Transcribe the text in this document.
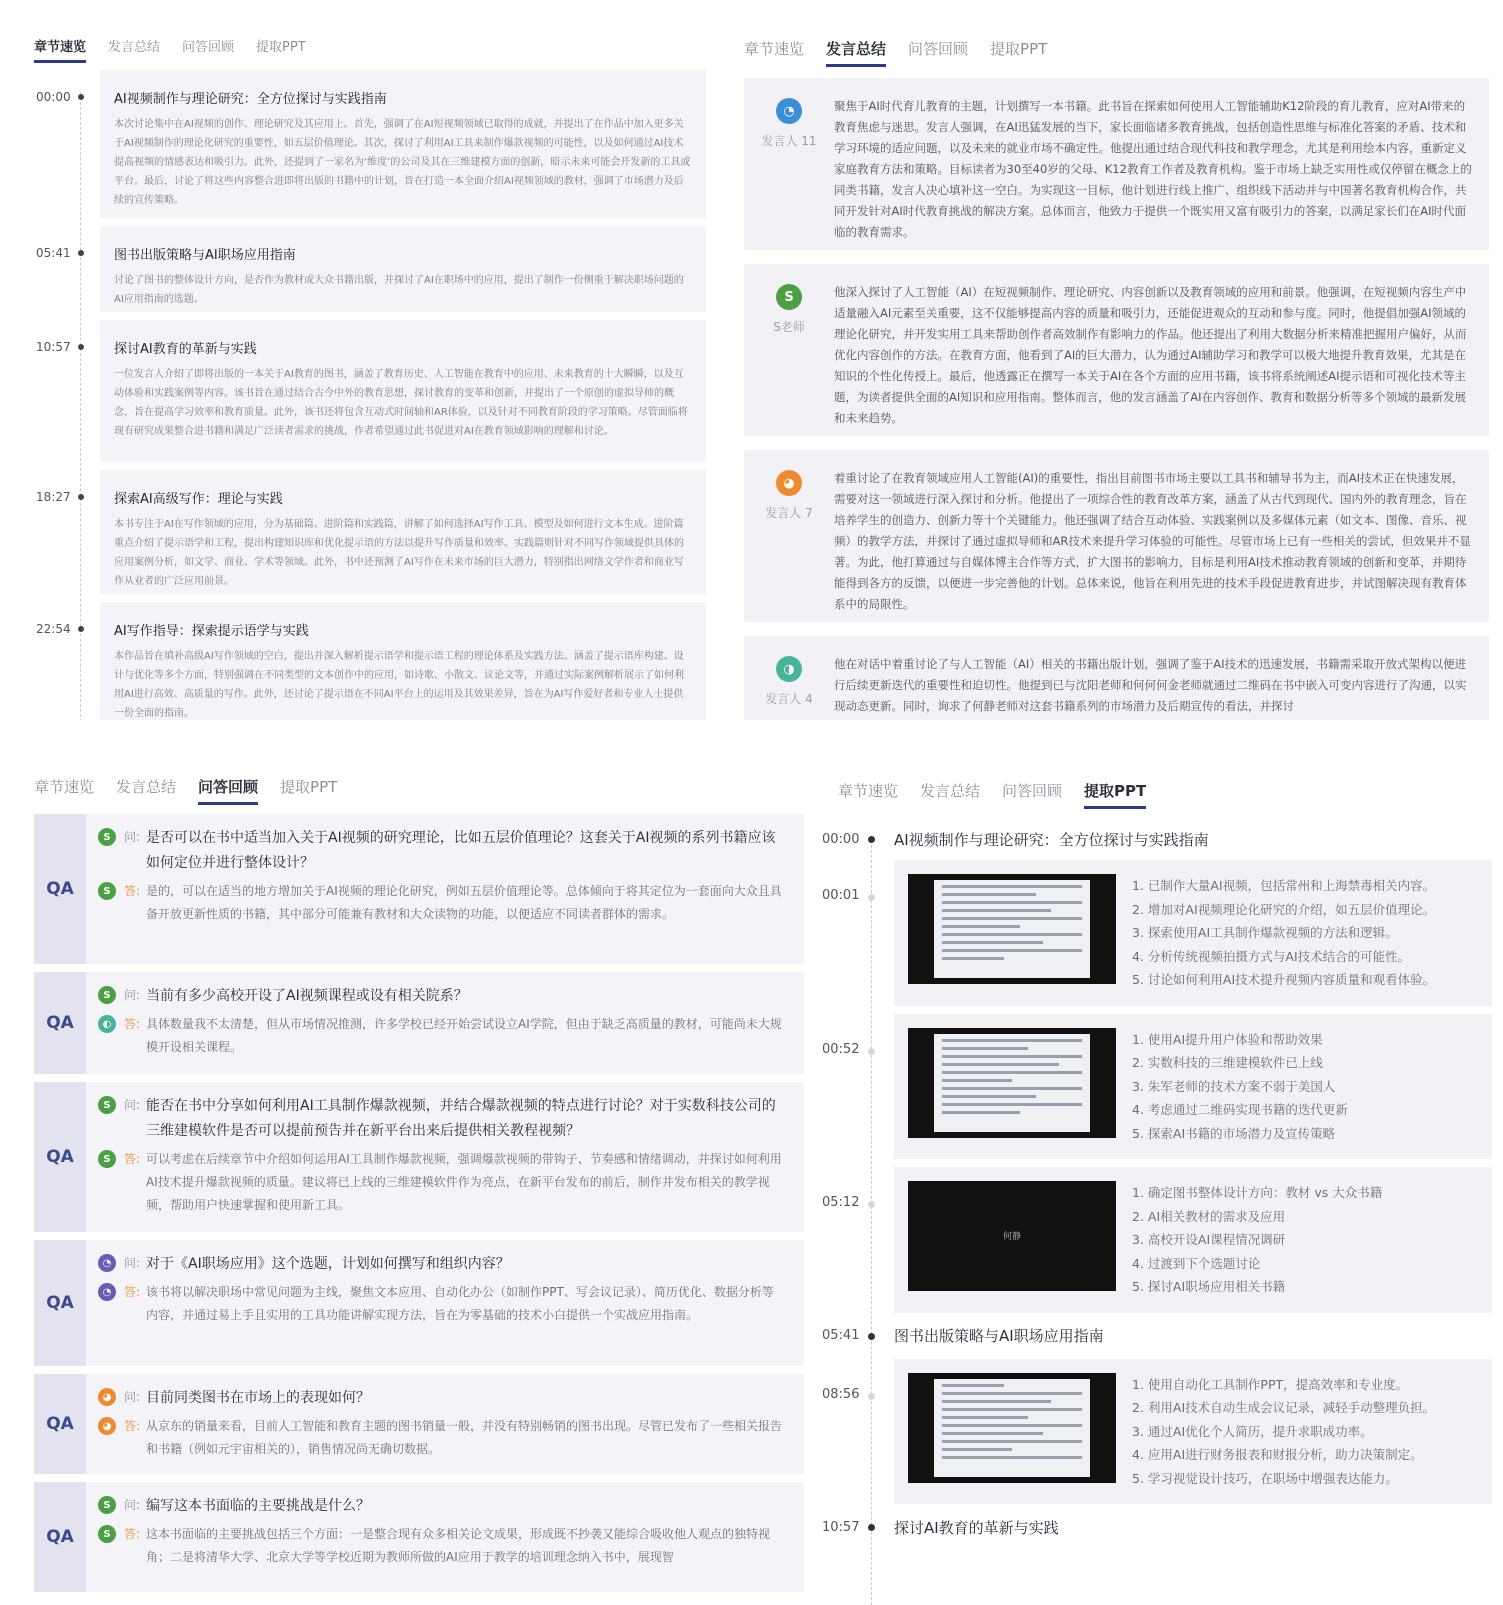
章节速览 发言总结 问答回顾 提取PPT
00:00	AI视频制作与理论研究：全方位探讨与实践指南
本次讨论集中在AI视频的创作、理论研究及其应用上。首先，强调了在AI短视频领域已取得的成就，并提出了在作品中加入更多关于AI视频制作的理论化研究的重要性，如五层价值理论。其次，探讨了利用AI工具来制作爆款视频的可能性，以及如何通过AI技术提高视频的情感表达和吸引力。此外，还提到了一家名为‘维度’的公司及其在三维建模方面的创新，暗示未来可能会开发新的工具或平台。最后，讨论了将这些内容整合进即将出版的书籍中的计划，旨在打造一本全面介绍AI视频领域的教材，强调了市场潜力及后续的宣传策略。
05:41	图书出版策略与AI职场应用指南
讨论了图书的整体设计方向，是否作为教材或大众书籍出版，并探讨了AI在职场中的应用，提出了制作一份侧重于解决职场问题的AI应用指南的选题。
10:57	探讨AI教育的革新与实践
一位发言人介绍了即将出版的一本关于AI教育的图书，涵盖了教育历史、人工智能在教育中的应用、未来教育的十大瞬瞬，以及互动体验和实践案例等内容。该书旨在通过结合古今中外的教育思想，探讨教育的变革和创新，并提出了一个原创的虚拟导师的概念，旨在提高学习效率和教育质量。此外，该书还将包含互动式时间轴和AR体验，以及针对不同教育阶段的学习策略。尽管面临将现有研究成果整合进书籍和满足广泛读者需求的挑战，作者希望通过此书促进对AI在教育领域影响的理解和讨论。
18:27	探索AI高级写作：理论与实践
本书专注于AI在写作领域的应用，分为基础篇、进阶篇和实践篇，讲解了如何选择AI写作工具、模型及如何进行文本生成。进阶篇重点介绍了提示语学和工程，提出构建知识库和优化提示语的方法以提升写作质量和效率。实践篇则针对不同写作领域提供具体的应用案例分析，如文学、商业、学术等领域。此外，书中还预测了AI写作在未来市场的巨大潜力，特别指出网络文学作者和商业写作从业者的广泛应用前景。
22:54	AI写作指导：探索提示语学与实践
本作品旨在填补高级AI写作领域的空白，提出并深入解析提示语学和提示语工程的理论体系及实践方法。涵盖了提示语库构建、设计与优化等多个方面，特别强调在不同类型的文本创作中的应用，如诗歌、小散文、议论文等，并通过实际案例解析展示了如何利用AI进行高效、高质量的写作。此外，还讨论了提示语在不同AI平台上的运用及其效果差异，旨在为AI写作爱好者和专业人士提供一份全面的指南。
章节速览 发言总结 问答回顾 提取PPT
◔
发言人 11
聚焦于AI时代育儿教育的主题，计划撰写一本书籍。此书旨在探索如何使用人工智能辅助K12阶段的育儿教育，应对AI带来的教育焦虑与迷思。发言人强调，在AI迅猛发展的当下，家长面临诸多教育挑战，包括创造性思维与标准化答案的矛盾、技术和学习环境的适应问题，以及未来的就业市场不确定性。他提出通过结合现代科技和教学理念，尤其是利用绘本内容，重新定义家庭教育方法和策略。目标读者为30至40岁的父母、K12教育工作者及教育机构。鉴于市场上缺乏实用性或仅停留在概念上的同类书籍，发言人决心填补这一空白。为实现这一目标，他计划进行线上推广、组织线下活动并与中国著名教育机构合作，共同开发针对AI时代教育挑战的解决方案。总体而言，他致力于提供一个既实用又富有吸引力的答案，以满足家长们在AI时代面临的教育需求。
S
S老师
他深入探讨了人工智能（AI）在短视频制作、理论研究、内容创新以及教育领域的应用和前景。他强调，在短视频内容生产中适量融入AI元素至关重要，这不仅能够提高内容的质量和吸引力，还能促进观众的互动和参与度。同时，他提倡加强AI领域的理论化研究，并开发实用工具来帮助创作者高效制作有影响力的作品。他还提出了利用大数据分析来精准把握用户偏好，从而优化内容创作的方法。在教育方面，他看到了AI的巨大潜力，认为通过AI辅助学习和教学可以极大地提升教育效果，尤其是在知识的个性化传授上。最后，他透露正在撰写一本关于AI在各个方面的应用书籍，该书将系统阐述AI提示语和可视化技术等主题，为读者提供全面的AI知识和应用指南。整体而言，他的发言涵盖了AI在内容创作、教育和数据分析等多个领域的最新发展和未来趋势。
◕
发言人 7
着重讨论了在教育领域应用人工智能(AI)的重要性，指出目前图书市场主要以工具书和辅导书为主，而AI技术正在快速发展，需要对这一领域进行深入探讨和分析。他提出了一项综合性的教育改革方案，涵盖了从古代到现代、国内外的教育理念，旨在培养学生的创造力、创新力等十个关键能力。他还强调了结合互动体验、实践案例以及多媒体元素（如文本、图像、音乐、视频）的教学方法，并探讨了通过虚拟导师和AR技术来提升学习体验的可能性。尽管市场上已有一些相关的尝试，但效果并不显著。为此，他打算通过与自媒体博主合作等方式，扩大图书的影响力，目标是利用AI技术推动教育领域的创新和变革，并期待能得到各方的反馈，以便进一步完善他的计划。总体来说，他旨在利用先进的技术手段促进教育进步，并试图解决现有教育体系中的局限性。
◑
发言人 4
他在对话中着重讨论了与人工智能（AI）相关的书籍出版计划，强调了鉴于AI技术的迅速发展，书籍需采取开放式架构以便进行后续更新迭代的重要性和迫切性。他提到已与沈阳老师和何何何金老师就通过二维码在书中嵌入可变内容进行了沟通，以实现动态更新。同时，询求了何静老师对这套书籍系列的市场潜力及后期宣传的看法，并探讨
章节速览 发言总结 问答回顾 提取PPT
QA
S	问: 是否可以在书中适当加入关于AI视频的研究理论，比如五层价值理论？这套关于AI视频的系列书籍应该如何定位并进行整体设计？
S	答: 是的，可以在适当的地方增加关于AI视频的理论化研究，例如五层价值理论等。总体倾向于将其定位为一套面向大众且具备开放更新性质的书籍，其中部分可能兼有教材和大众读物的功能，以便适应不同读者群体的需求。
QA
S	问: 当前有多少高校开设了AI视频课程或设有相关院系？
◐	答: 具体数量我不太清楚，但从市场情况推测，许多学校已经开始尝试设立AI学院，但由于缺乏高质量的教材，可能尚未大规模开设相关课程。
QA
S	问: 能否在书中分享如何利用AI工具制作爆款视频，并结合爆款视频的特点进行讨论？对于实数科技公司的三维建模软件是否可以提前预告并在新平台出来后提供相关教程视频？
S	答: 可以考虑在后续章节中介绍如何运用AI工具制作爆款视频，强调爆款视频的带钩子、节奏感和情绪调动，并探讨如何利用AI技术提升爆款视频的质量。建议将已上线的三维建模软件作为亮点，在新平台发布的前后，制作并发布相关的教学视频，帮助用户快速掌握和使用新工具。
QA
◔	问: 对于《AI职场应用》这个选题，计划如何撰写和组织内容？
◔	答: 该书将以解决职场中常见问题为主线，聚焦文本应用、自动化办公（如制作PPT、写会议记录）、简历优化、数据分析等内容，并通过易上手且实用的工具功能讲解实现方法，旨在为零基础的技术小白提供一个实战应用指南。
QA
◕	问: 目前同类图书在市场上的表现如何？
◕	答: 从京东的销量来看，目前人工智能和教育主题的图书销量一般，并没有特别畅销的图书出现。尽管已发布了一些相关报告和书籍（例如元宇宙相关的），销售情况尚无确切数据。
QA
S	问: 编写这本书面临的主要挑战是什么？
S	答: 这本书面临的主要挑战包括三个方面：一是整合现有众多相关论文成果，形成既不抄袭又能综合吸收他人观点的独特视角；二是将清华大学、北京大学等学校近期为教师所做的AI应用于教学的培训理念纳入书中，展现智
章节速览 发言总结 问答回顾 提取PPT
00:00	AI视频制作与理论研究：全方位探讨与实践指南
00:01
1. 已制作大量AI视频，包括常州和上海禁毒相关内容。
2. 增加对AI视频理论化研究的介绍，如五层价值理论。
3. 探索使用AI工具制作爆款视频的方法和逻辑。
4. 分析传统视频拍摄方式与AI技术结合的可能性。
5. 讨论如何利用AI技术提升视频内容质量和观看体验。
00:52
1. 使用AI提升用户体验和帮助效果
2. 实数科技的三维建模软件已上线
3. 朱军老师的技术方案不弱于美国人
4. 考虑通过二维码实现书籍的迭代更新
5. 探索AI书籍的市场潜力及宣传策略
05:12
何静
1. 确定图书整体设计方向：教材 vs 大众书籍
2. AI相关教材的需求及应用
3. 高校开设AI课程情况调研
4. 过渡到下个选题讨论
5. 探讨AI职场应用相关书籍
05:41	图书出版策略与AI职场应用指南
08:56
1. 使用自动化工具制作PPT，提高效率和专业度。
2. 利用AI技术自动生成会议记录，减轻手动整理负担。
3. 通过AI优化个人简历，提升求职成功率。
4. 应用AI进行财务报表和财报分析，助力决策制定。
5. 学习视觉设计技巧，在职场中增强表达能力。
10:57	探讨AI教育的革新与实践
